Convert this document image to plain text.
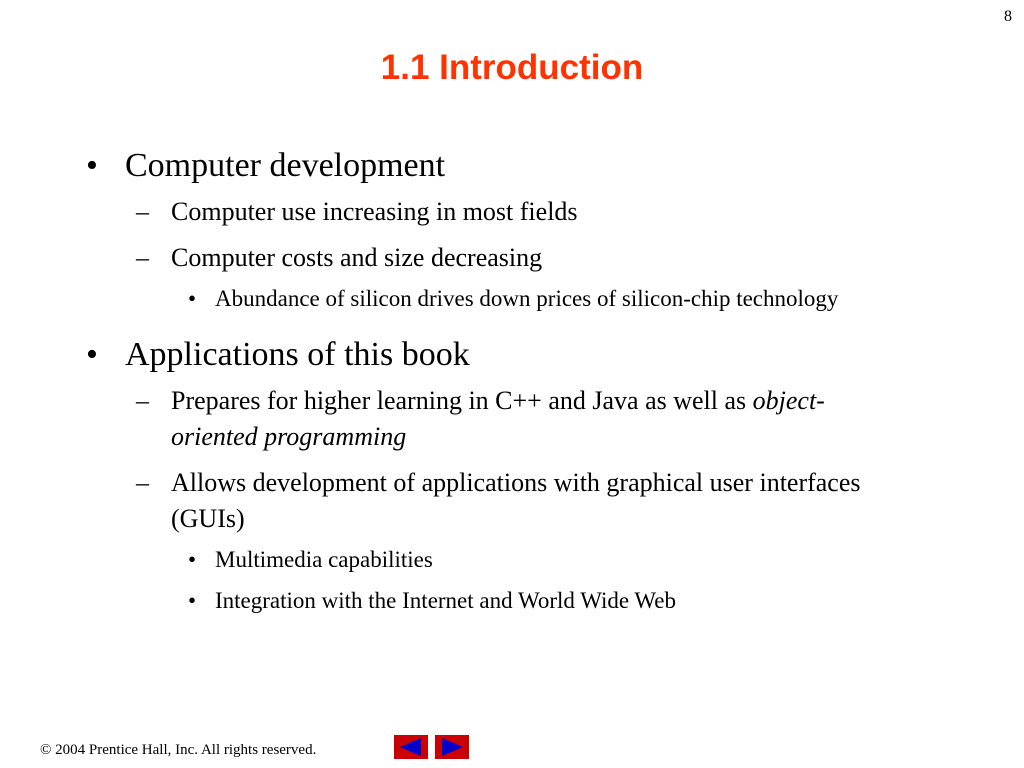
8
1.1 Introduction
• Computer development
– Computer use increasing in most fields
– Computer costs and size decreasing
• Abundance of silicon drives down prices of silicon-chip technology
• Applications of this book
– Prepares for higher learning in C++ and Java as well as object-oriented programming
– Allows development of applications with graphical user interfaces (GUIs)
• Multimedia capabilities
• Integration with the Internet and World Wide Web
© 2004 Prentice Hall, Inc. All rights reserved.
